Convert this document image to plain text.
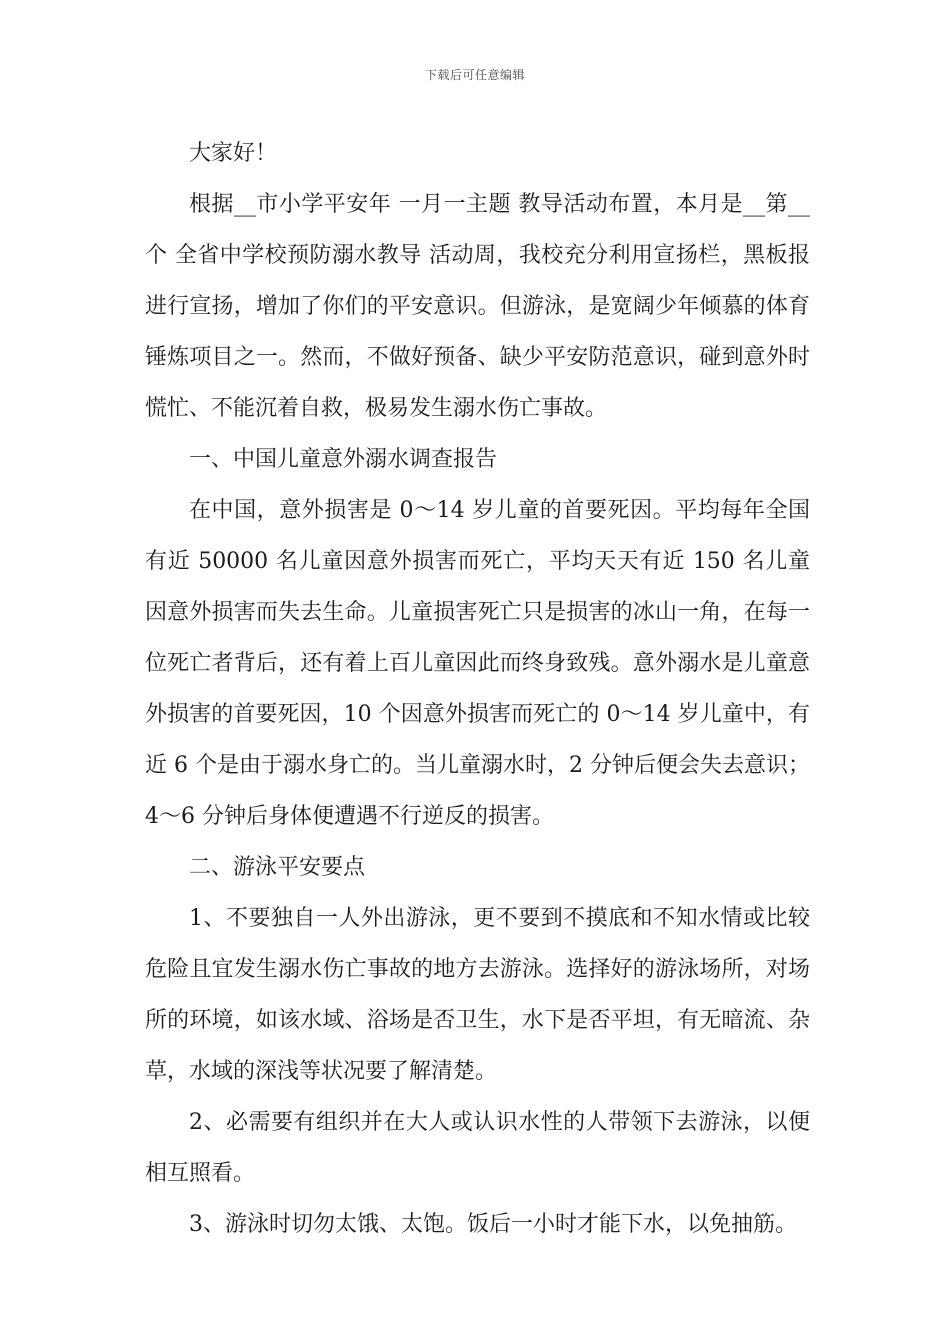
下载后可任意编辑

大家好！

根据__市小学平安年 一月一主题 教导活动布置，本月是__第__个 全省中学校预防溺水教导 活动周，我校充分利用宣扬栏，黑板报进行宣扬，增加了你们的平安意识。但游泳，是宽阔少年倾慕的体育锤炼项目之一。然而，不做好预备、缺少平安防范意识，碰到意外时慌忙、不能沉着自救，极易发生溺水伤亡事故。

一、中国儿童意外溺水调查报告

在中国，意外损害是 0～14 岁儿童的首要死因。平均每年全国有近 50000 名儿童因意外损害而死亡，平均天天有近 150 名儿童因意外损害而失去生命。儿童损害死亡只是损害的冰山一角，在每一位死亡者背后，还有着上百儿童因此而终身致残。意外溺水是儿童意外损害的首要死因，10 个因意外损害而死亡的 0～14 岁儿童中，有近 6 个是由于溺水身亡的。当儿童溺水时，2 分钟后便会失去意识；4～6 分钟后身体便遭遇不行逆反的损害。

二、游泳平安要点

1、不要独自一人外出游泳，更不要到不摸底和不知水情或比较危险且宜发生溺水伤亡事故的地方去游泳。选择好的游泳场所，对场所的环境，如该水域、浴场是否卫生，水下是否平坦，有无暗流、杂草，水域的深浅等状况要了解清楚。

2、必需要有组织并在大人或认识水性的人带领下去游泳，以便相互照看。

3、游泳时切勿太饿、太饱。饭后一小时才能下水，以免抽筋。
